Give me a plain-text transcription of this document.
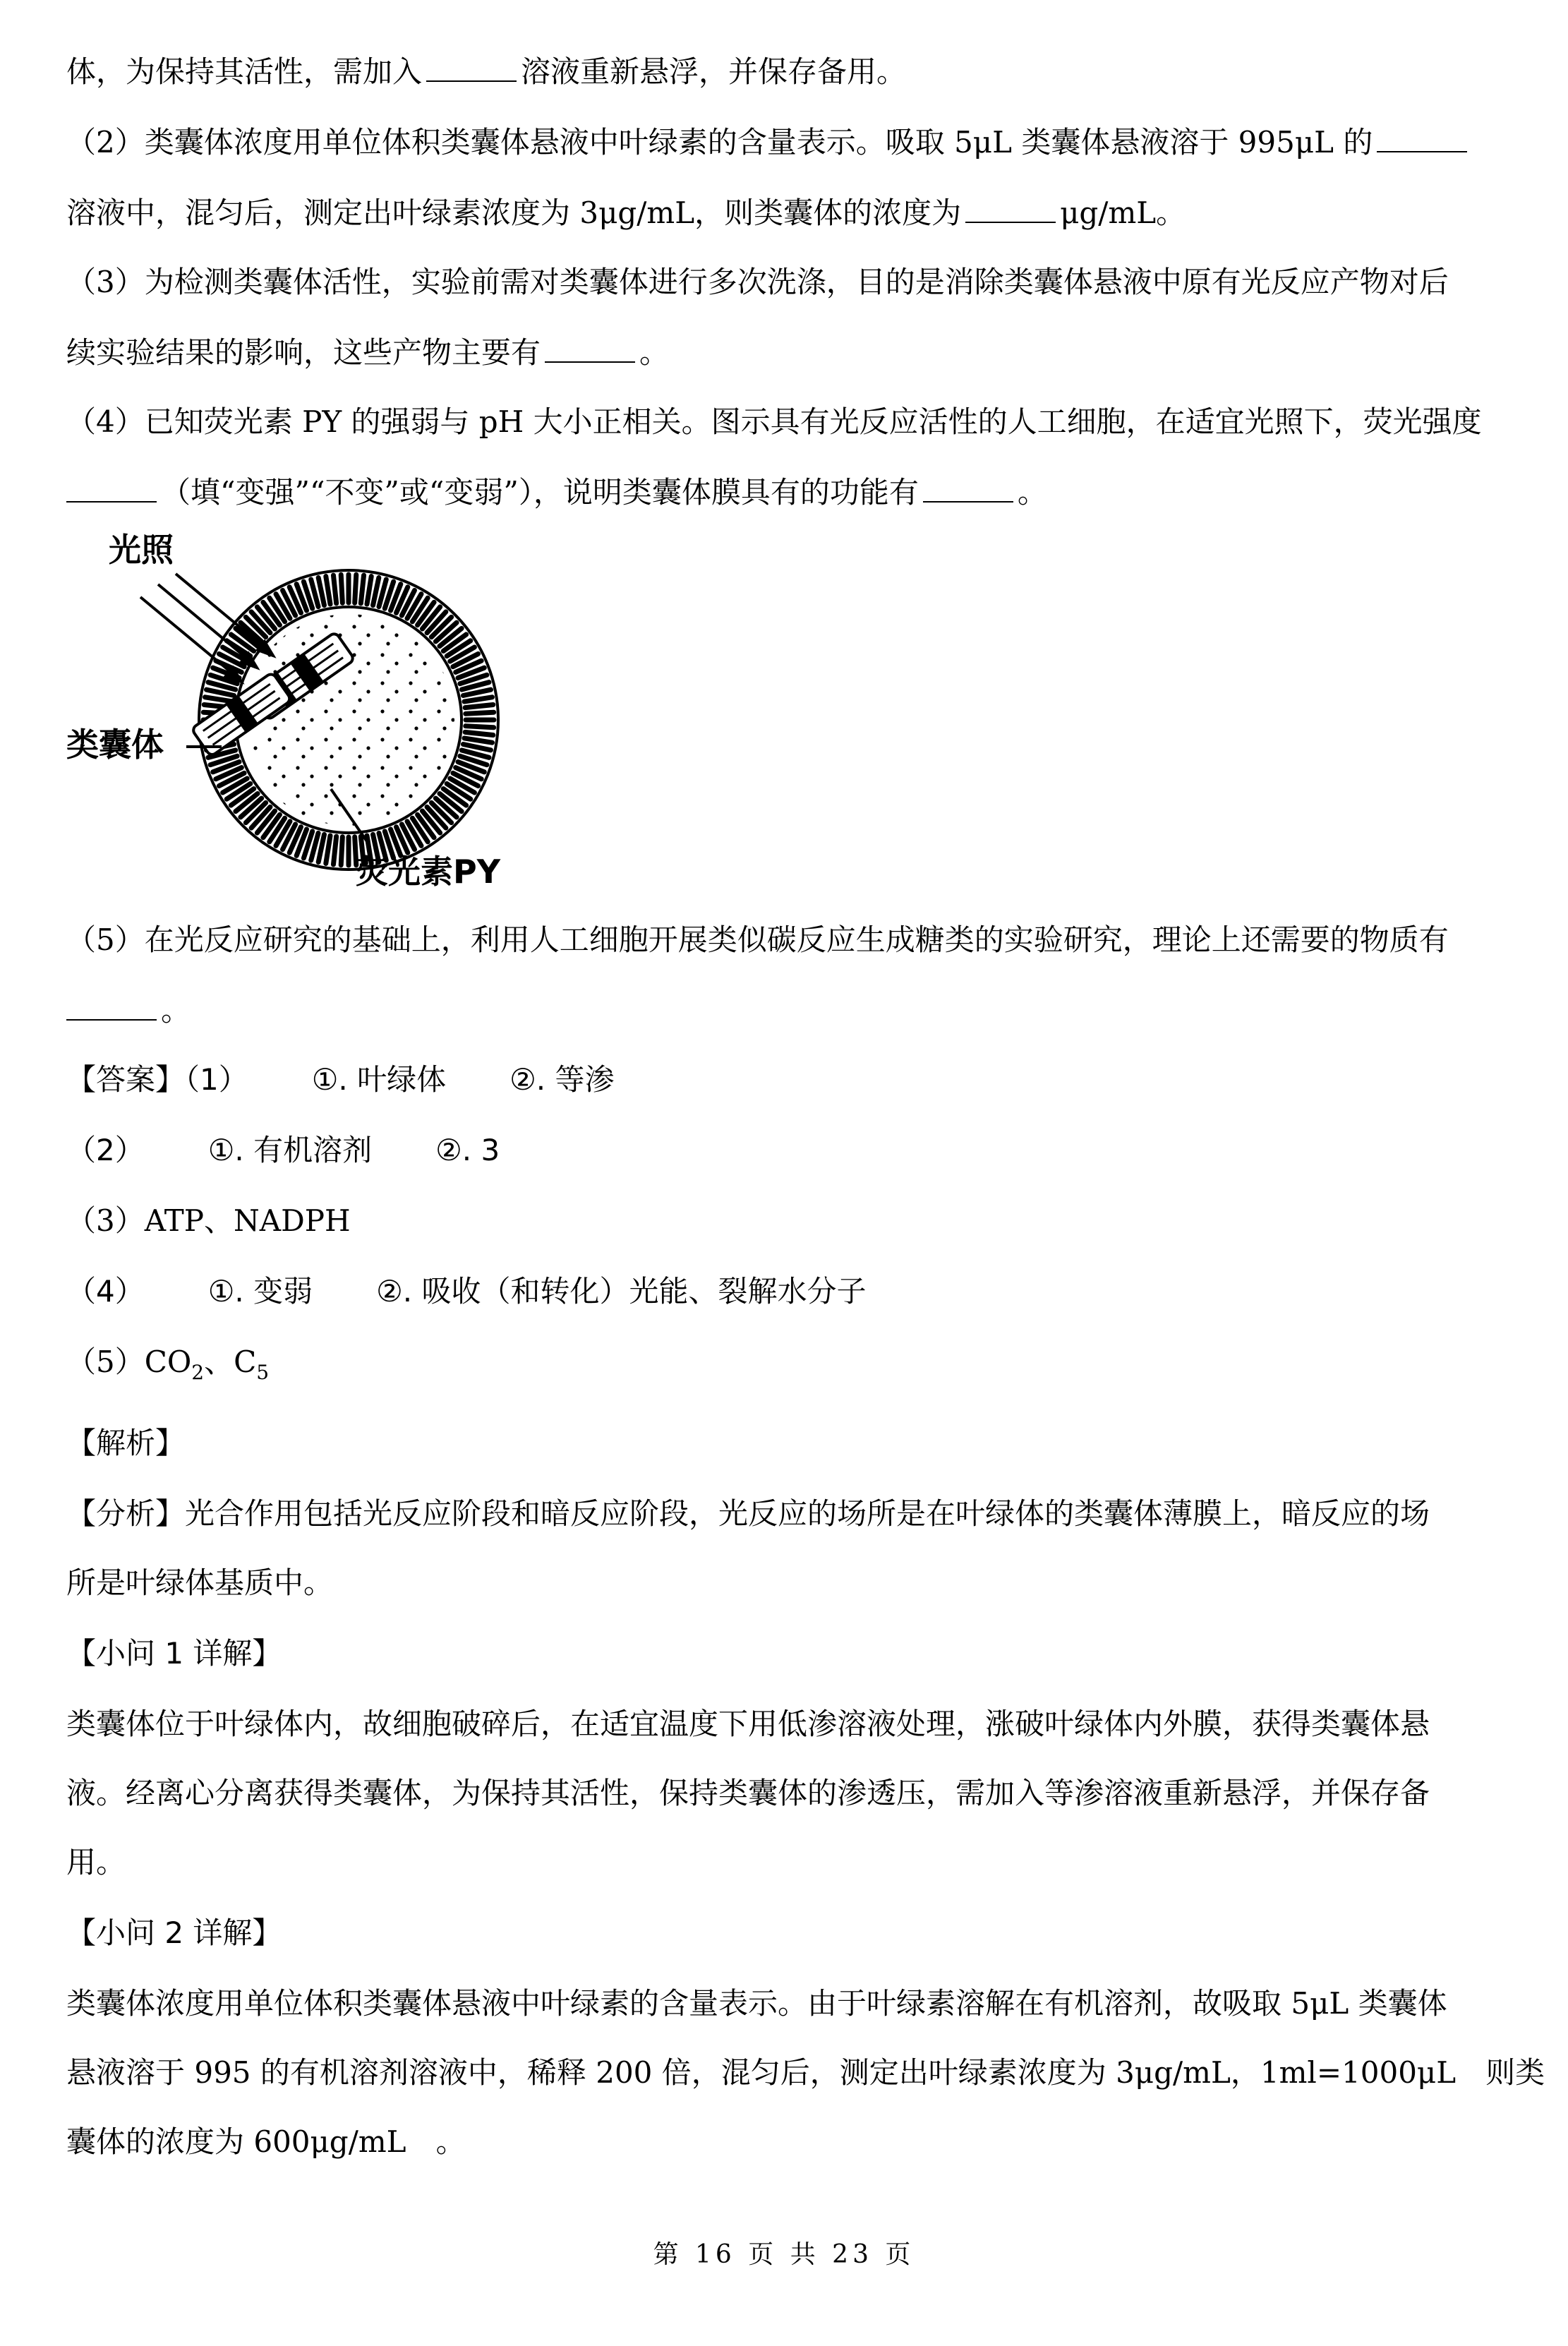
体，为保持其活性，需加入	溶液重新悬浮，并保存备用。

（2）类囊体浓度用单位体积类囊体悬液中叶绿素的含量表示。吸取 5μL 类囊体悬液溶于 995μL 的

溶液中，混匀后，测定出叶绿素浓度为 3μg/mL，则类囊体的浓度为	μg/mL。

（3）为检测类囊体活性，实验前需对类囊体进行多次洗涤，目的是消除类囊体悬液中原有光反应产物对后

续实验结果的影响，这些产物主要有	。

（4）已知荧光素 PY 的强弱与 pH 大小正相关。图示具有光反应活性的人工细胞，在适宜光照下，荧光强度

（填“变强”“不变”或“变弱”），说明类囊体膜具有的功能有	。

光照
类囊体
荧光素PY

（5）在光反应研究的基础上，利用人工细胞开展类似碳反应生成糖类的实验研究，理论上还需要的物质有

。

【答案】（1） ①. 叶绿体 ②. 等渗

（2） ①. 有机溶剂 ②. 3

（3）ATP、NADPH

（4） ①. 变弱 ②. 吸收（和转化）光能、裂解水分子

$(5)CO_2$、$C_5$

【解析】

【分析】光合作用包括光反应阶段和暗反应阶段，光反应的场所是在叶绿体的类囊体薄膜上，暗反应的场

所是叶绿体基质中。

【小问 1 详解】

类囊体位于叶绿体内，故细胞破碎后，在适宜温度下用低渗溶液处理，涨破叶绿体内外膜，获得类囊体悬

液。经离心分离获得类囊体，为保持其活性，保持类囊体的渗透压，需加入等渗溶液重新悬浮，并保存备

用。

【小问 2 详解】

类囊体浓度用单位体积类囊体悬液中叶绿素的含量表示。由于叶绿素溶解在有机溶剂，故吸取 5μL 类囊体

悬液溶于 995 的有机溶剂溶液中，稀释 200 倍，混匀后，测定出叶绿素浓度为 3μg/mL，1ml=1000μL　则类

囊体的浓度为 600μg/mL　。

第 16 页 共 23 页
